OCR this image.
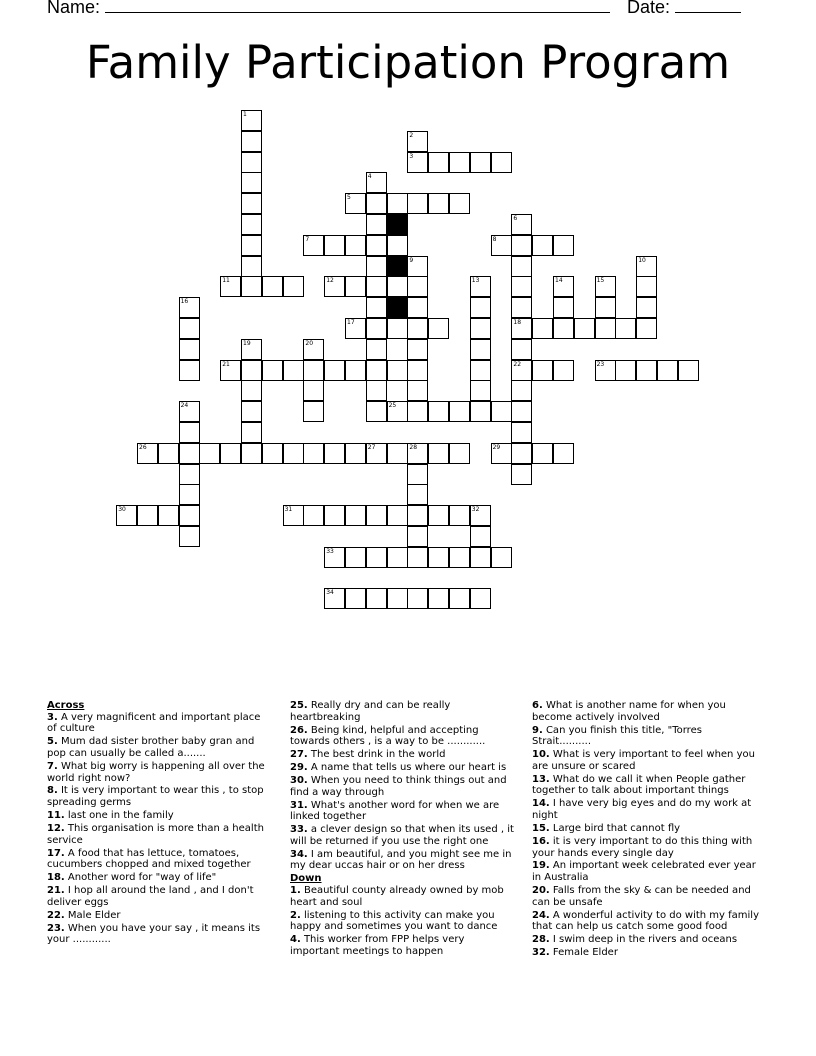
Name:	Date:
Family Participation Program
1
2
3
4
5
6
7	8
9	10
11	12	13	14	15
16
17	18
19	20
21	22	23
24	25
26	27	28	29
30	31	32
33
34
Across
3. A very magnificent and important place of culture
5. Mum dad sister brother baby gran and pop can usually be called a.......
7. What big worry is happening all over the world right now?
8. It is very important to wear this , to stop spreading germs
11. last one in the family
12. This organisation is more than a health service
17. A food that has lettuce, tomatoes, cucumbers chopped and mixed together
18. Another word for "way of life"
21. I hop all around the land , and I don't deliver eggs
22. Male Elder
23. When you have your say , it means its your ............
25. Really dry and can be really heartbreaking
26. Being kind, helpful and accepting towards others , is a way to be ............
27. The best drink in the world
29. A name that tells us where our heart is
30. When you need to think things out and find a way through
31. What's another word for when we are linked together
33. a clever design so that when its used , it will be returned if you use the right one
34. I am beautiful, and you might see me in my dear uccas hair or on her dress
Down
1. Beautiful county already owned by mob heart and soul
2. listening to this activity can make you happy and sometimes you want to dance
4. This worker from FPP helps very important meetings to happen
6. What is another name for when you become actively involved
9. Can you finish this title, "Torres Strait..........
10. What is very important to feel when you are unsure or scared
13. What do we call it when People gather together to talk about important things
14. I have very big eyes and do my work at night
15. Large bird that cannot fly
16. it is very important to do this thing with your hands every single day
19. An important week celebrated ever year in Australia
20. Falls from the sky & can be needed and can be unsafe
24. A wonderful activity to do with my family that can help us catch some good food
28. I swim deep in the rivers and oceans
32. Female Elder
